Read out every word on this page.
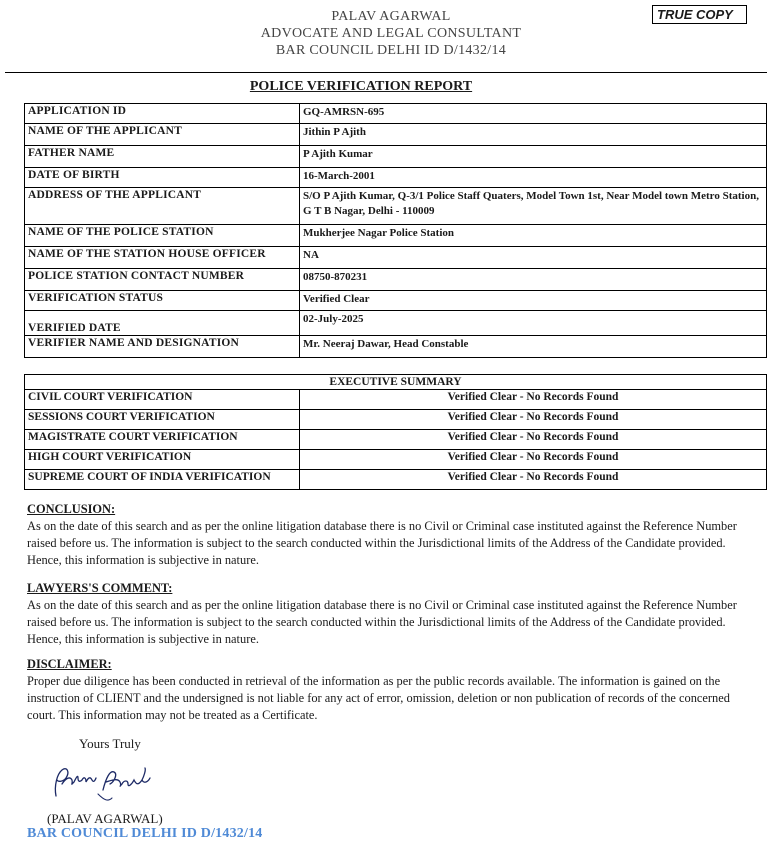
PALAV AGARWAL
ADVOCATE AND LEGAL CONSULTANT
BAR COUNCIL DELHI ID D/1432/14
TRUE COPY
POLICE VERIFICATION REPORT
APPLICATION ID	GQ-AMRSN-695
NAME OF THE APPLICANT	Jithin P Ajith
FATHER NAME	P Ajith Kumar
DATE OF BIRTH	16-March-2001
ADDRESS OF THE APPLICANT	S/O P Ajith Kumar, Q-3/1 Police Staff Quaters, Model Town 1st, Near Model town Metro Station, G T B Nagar, Delhi - 110009
NAME OF THE POLICE STATION	Mukherjee Nagar Police Station
NAME OF THE STATION HOUSE OFFICER	NA
POLICE STATION CONTACT NUMBER	08750-870231
VERIFICATION STATUS	Verified Clear
VERIFIED DATE	02-July-2025
VERIFIER NAME AND DESIGNATION	Mr. Neeraj Dawar, Head Constable
EXECUTIVE SUMMARY	
CIVIL COURT VERIFICATION	Verified Clear - No Records Found
SESSIONS COURT VERIFICATION	Verified Clear - No Records Found
MAGISTRATE COURT VERIFICATION	Verified Clear - No Records Found
HIGH COURT VERIFICATION	Verified Clear - No Records Found
SUPREME COURT OF INDIA VERIFICATION	Verified Clear - No Records Found
CONCLUSION:

As on the date of this search and as per the online litigation database there is no Civil or Criminal case instituted against the Reference Number raised before us. The information is subject to the search conducted within the Jurisdictional limits of the Address of the Candidate provided. Hence, this information is subjective in nature.

LAWYERS'S COMMENT:

As on the date of this search and as per the online litigation database there is no Civil or Criminal case instituted against the Reference Number raised before us. The information is subject to the search conducted within the Jurisdictional limits of the Address of the Candidate provided. Hence, this information is subjective in nature.

DISCLAIMER:

Proper due diligence has been conducted in retrieval of the information as per the public records available. The information is gained on the instruction of CLIENT and the undersigned is not liable for any act of error, omission, deletion or non publication of records of the concerned court. This information may not be treated as a Certificate.

Yours Truly
(PALAV AGARWAL)
BAR COUNCIL DELHI ID D/1432/14
